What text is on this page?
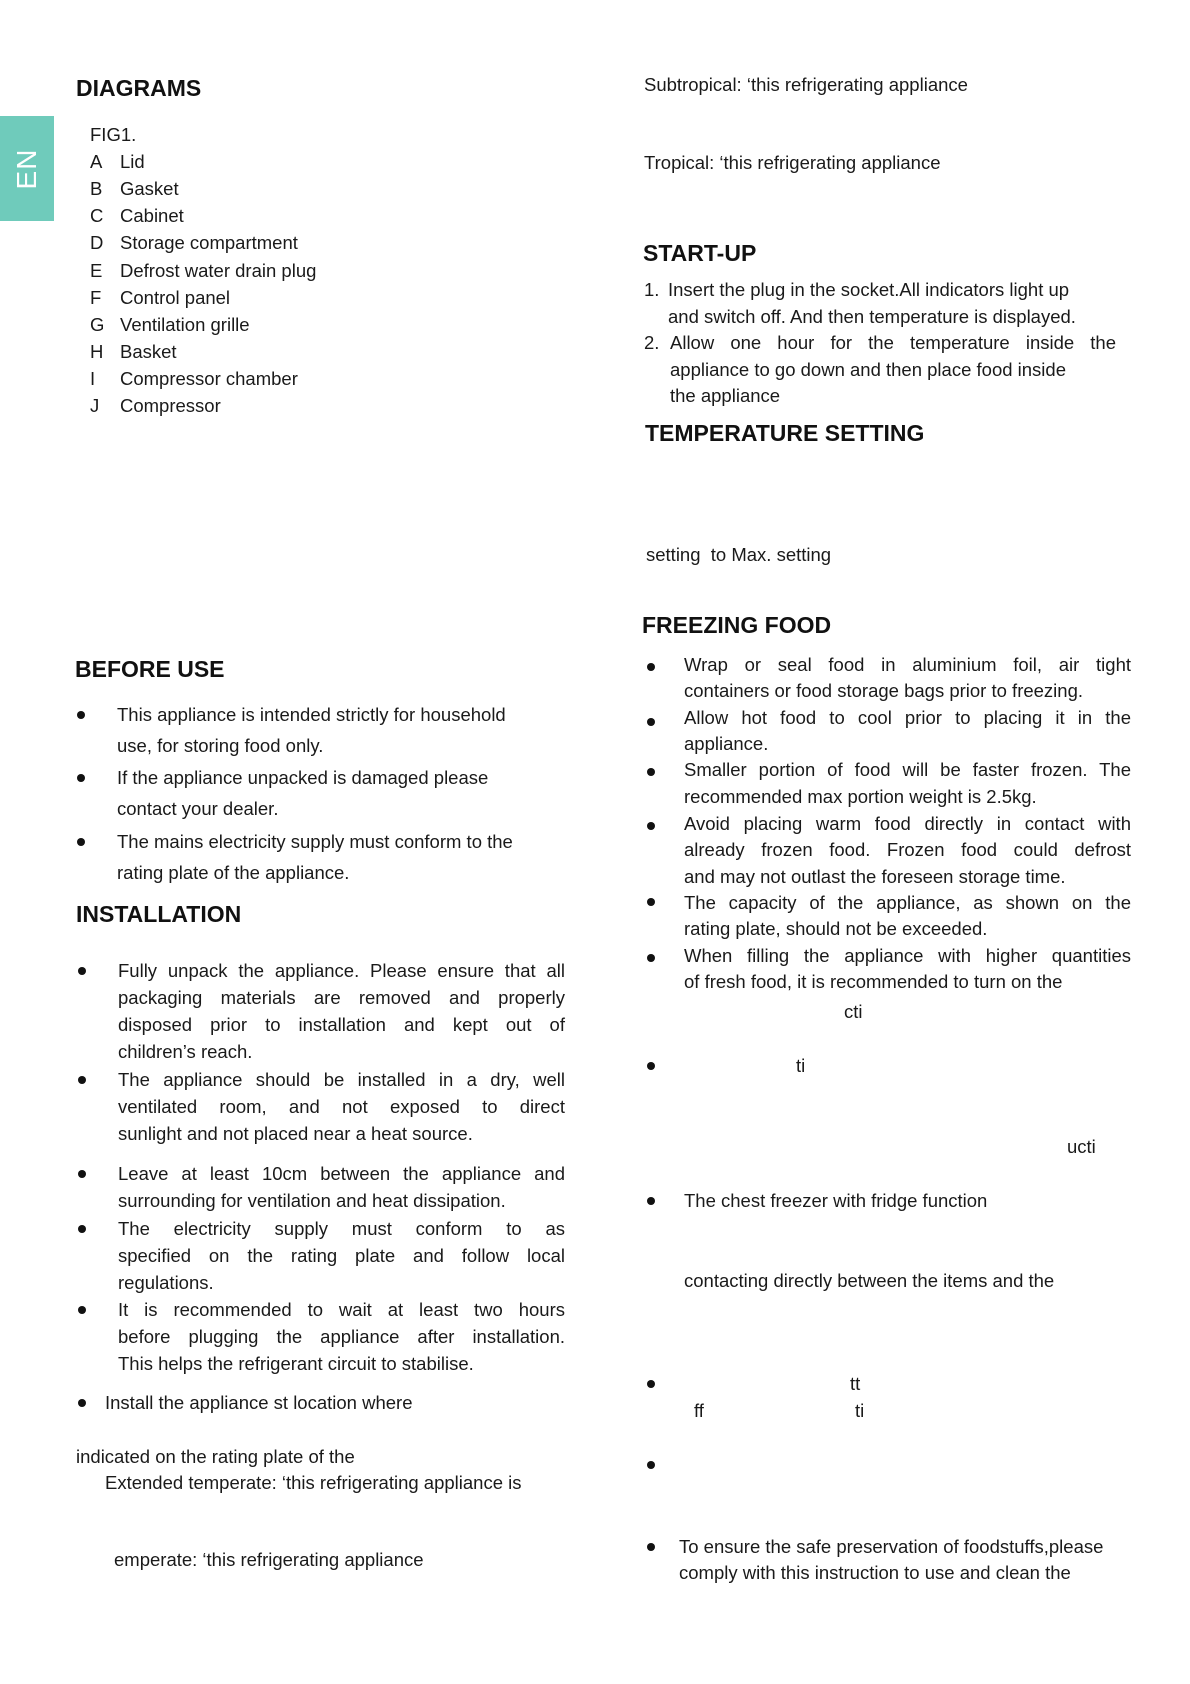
EN
DIAGRAMS
FIG1.
A Lid
B Gasket
C Cabinet
D Storage compartment
E Defrost water drain plug
F Control panel
G Ventilation grille
H Basket
I Compressor chamber
J Compressor
BEFORE USE
This appliance is intended strictly for household
use, for storing food only.
If the appliance unpacked is damaged please
contact your dealer.
The mains electricity supply must conform to the
rating plate of the appliance.
INSTALLATION
Fully unpack the appliance. Please ensure that all
packaging materials are removed and properly
disposed prior to installation and kept out of
children’s reach.
The appliance should be installed in a dry, well
ventilated room, and not exposed to direct
sunlight and not placed near a heat source.
Leave at least 10cm between the appliance and
surrounding for ventilation and heat dissipation.
The electricity supply must conform to as
specified on the rating plate and follow local
regulations.
It is recommended to wait at least two hours
before plugging the appliance after installation.
This helps the refrigerant circuit to stabilise.
Install the appliance st location where
indicated on the rating plate of the
Extended temperate: ‘this refrigerating appliance is
emperate: ‘this refrigerating appliance
Subtropical: ‘this refrigerating appliance
Tropical: ‘this refrigerating appliance
START-UP
1. Insert the plug in the socket.All indicators light up
and switch off. And then temperature is displayed.
2. Allow one hour for the temperature inside the
appliance to go down and then place food inside
the appliance
TEMPERATURE SETTING
setting  to Max. setting
FREEZING FOOD
Wrap or seal food in aluminium foil, air tight
containers or food storage bags prior to freezing.
Allow hot food to cool prior to placing it in the
appliance.
Smaller portion of food will be faster frozen. The
recommended max portion weight is 2.5kg.
Avoid placing warm food directly in contact with
already frozen food. Frozen food could defrost
and may not outlast the foreseen storage time.
The capacity of the appliance, as shown on the
rating plate, should not be exceeded.
When filling the appliance with higher quantities
of fresh food, it is recommended to turn on the
cti
ti
ucti
The chest freezer with fridge function
contacting directly between the items and the
tt
ff	ti
To ensure the safe preservation of foodstuffs,please
comply with this instruction to use and clean the
